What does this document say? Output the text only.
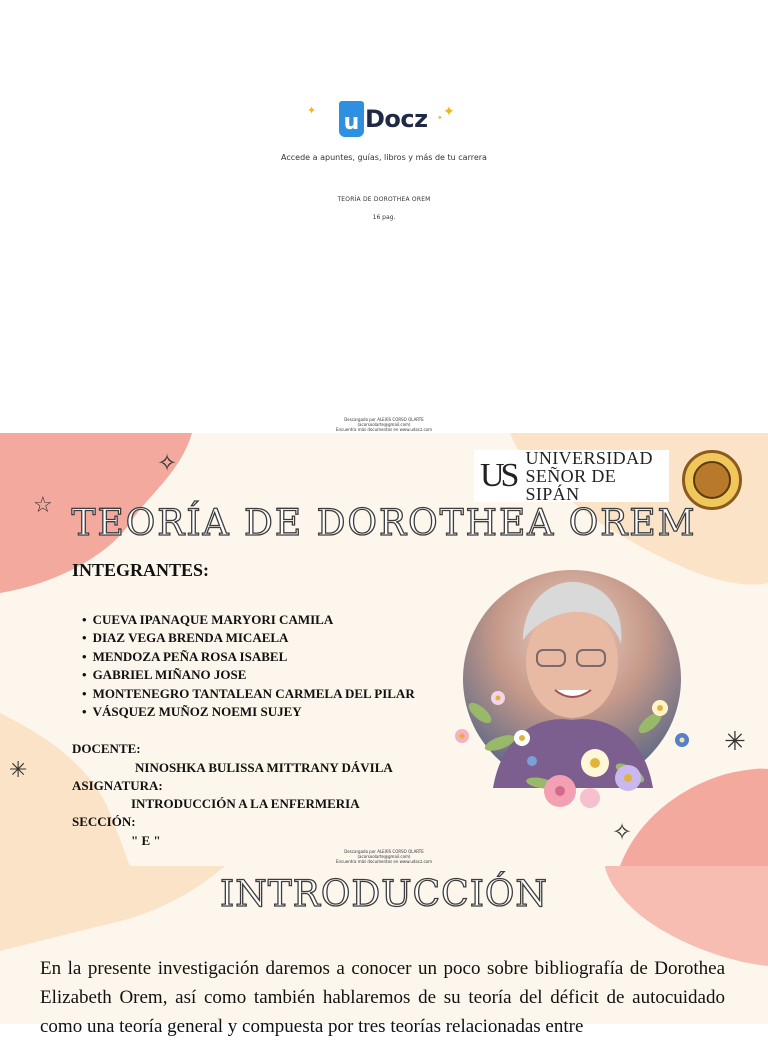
✦ u Docz ✦ ✦
Accede a apuntes, guías, libros y más de tu carrera
TEORÍA DE DOROTHEA OREM
16 pag.
Descargado por ALEXIS CORSO OLARTE
(acorsoolarte@gmail.com)
Encuentra más documentos en www.udocz.com
✧
☆
✳
✳
✧
US UNIVERSIDAD
SEÑOR DE SIPÁN
TEORÍA DE DOROTHEA OREM
INTEGRANTES:
• CUEVA IPANAQUE MARYORI CAMILA
• DIAZ VEGA BRENDA MICAELA
• MENDOZA PEÑA ROSA ISABEL
• GABRIEL MIÑANO JOSE
• MONTENEGRO TANTALEAN CARMELA DEL PILAR
• VÁSQUEZ MUÑOZ NOEMI SUJEY
DOCENTE:
NINOSHKA BULISSA MITTRANY DÁVILA
ASIGNATURA:
INTRODUCCIÓN A LA ENFERMERIA
SECCIÓN:
" E "
Descargado por ALEXIS CORSO OLARTE
(acorsoolarte@gmail.com)
Encuentra más documentos en www.udocz.com
INTRODUCCIÓN

En la presente investigación daremos a conocer un poco sobre bibliografía de Dorothea Elizabeth Orem, así como también hablaremos de su teoría del déficit de autocuidado como una teoría general y compuesta por tres teorías relacionadas entre
